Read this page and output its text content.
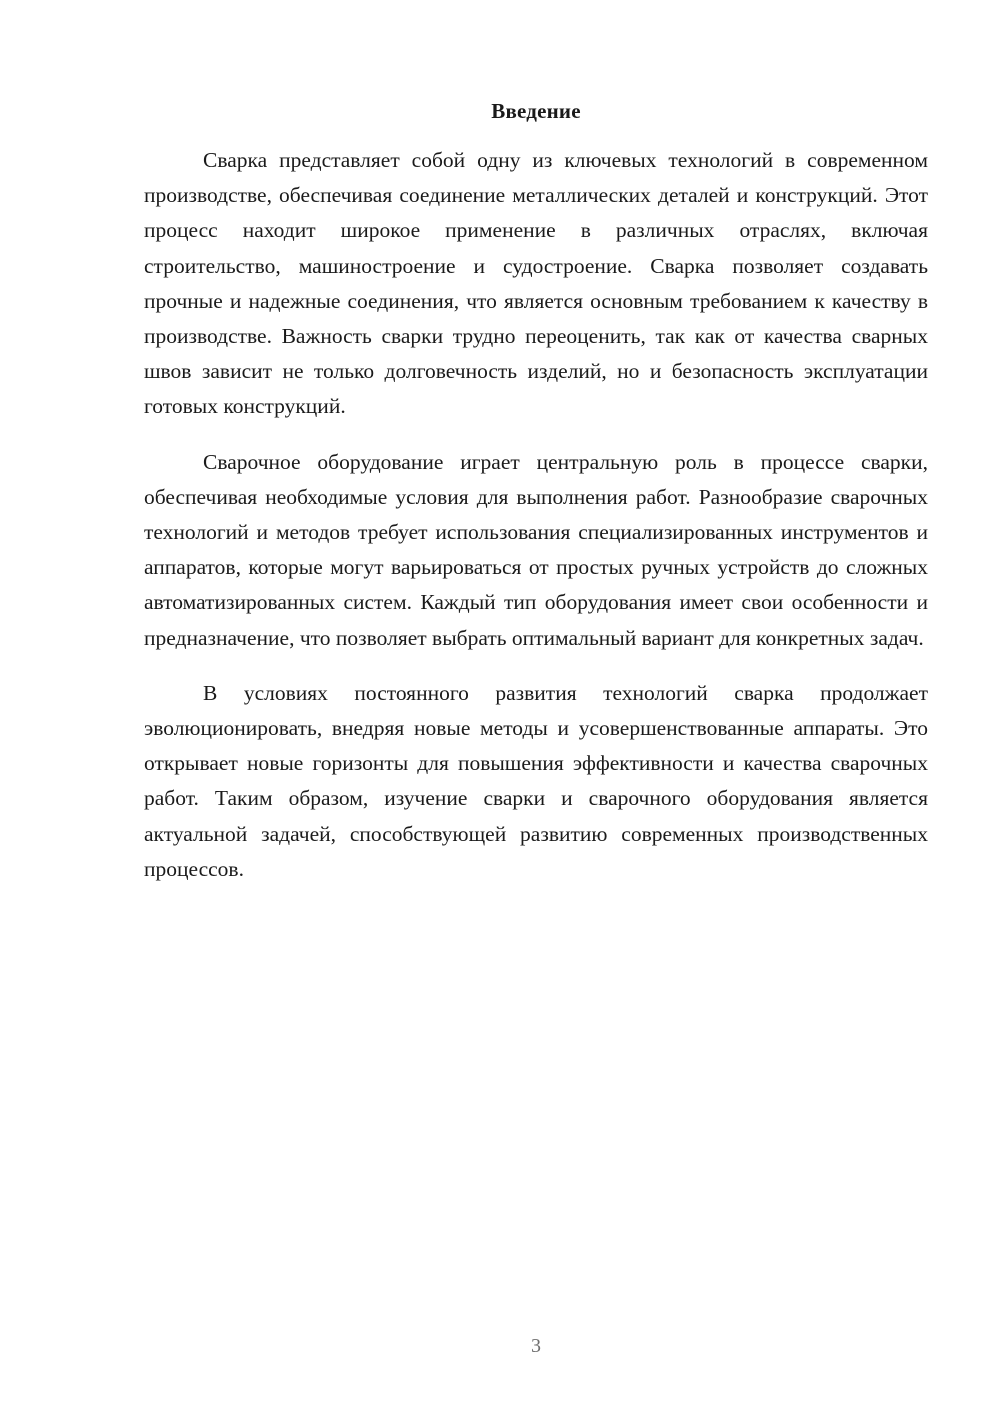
Введение

Сварка представляет собой одну из ключевых технологий в современном производстве, обеспечивая соединение металлических деталей и конструкций. Этот процесс находит широкое применение в различных отраслях, включая строительство, машиностроение и судостроение. Сварка позволяет создавать прочные и надежные соединения, что является основным требованием к качеству в производстве. Важность сварки трудно переоценить, так как от качества сварных швов зависит не только долговечность изделий, но и безопасность эксплуатации готовых конструкций.

Сварочное оборудование играет центральную роль в процессе сварки, обеспечивая необходимые условия для выполнения работ. Разнообразие сварочных технологий и методов требует использования специализированных инструментов и аппаратов, которые могут варьироваться от простых ручных устройств до сложных автоматизированных систем. Каждый тип оборудования имеет свои особенности и предназначение, что позволяет выбрать оптимальный вариант для конкретных задач.

В условиях постоянного развития технологий сварка продолжает эволюционировать, внедряя новые методы и усовершенствованные аппараты. Это открывает новые горизонты для повышения эффективности и качества сварочных работ. Таким образом, изучение сварки и сварочного оборудования является актуальной задачей, способствующей развитию современных производственных процессов.

3
